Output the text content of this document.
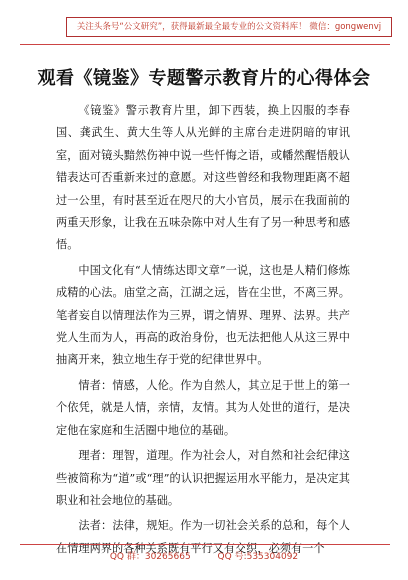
关注头条号“公文研究”，获得最新最全最专业的公文资料库！ 微信：gongwenvj
观看《镜鉴》专题警示教育片的心得体会

《镜鉴》警示教育片里，卸下西装，换上囚服的李春国、龚武生、黄大生等人从光鲜的主席台走进阴暗的审讯室，面对镜头黯然伤神中说一些忏悔之语，或幡然醒悟般认错表达可否重新来过的意愿。对这些曾经和我物理距离不超过一公里，有时甚至近在咫尺的大小官员，展示在我面前的两重天形象，让我在五味杂陈中对人生有了另一种思考和感悟。

中国文化有“人情练达即文章”一说，这也是人精们修炼成精的心法。庙堂之高，江湖之远，皆在尘世，不离三界。笔者妄自以情理法作为三界，谓之情界、理界、法界。共产党人生而为人，再高的政治身份，也无法把他人从这三界中抽离开来，独立地生存于党的纪律世界中。

情者：情感，人伦。作为自然人，其立足于世上的第一个依凭，就是人情，亲情，友情。其为人处世的道行，是决定他在家庭和生活圈中地位的基础。

理者：理智，道理。作为社会人，对自然和社会纪律这些被简称为“道”或“理”的认识把握运用水平能力，是决定其职业和社会地位的基础。

法者：法律，规矩。作为一切社会关系的总和，每个人在情理两界的各种关系既有平行又有交织，必须有一个

QQ 群：30265665	QQ 号:535304092
